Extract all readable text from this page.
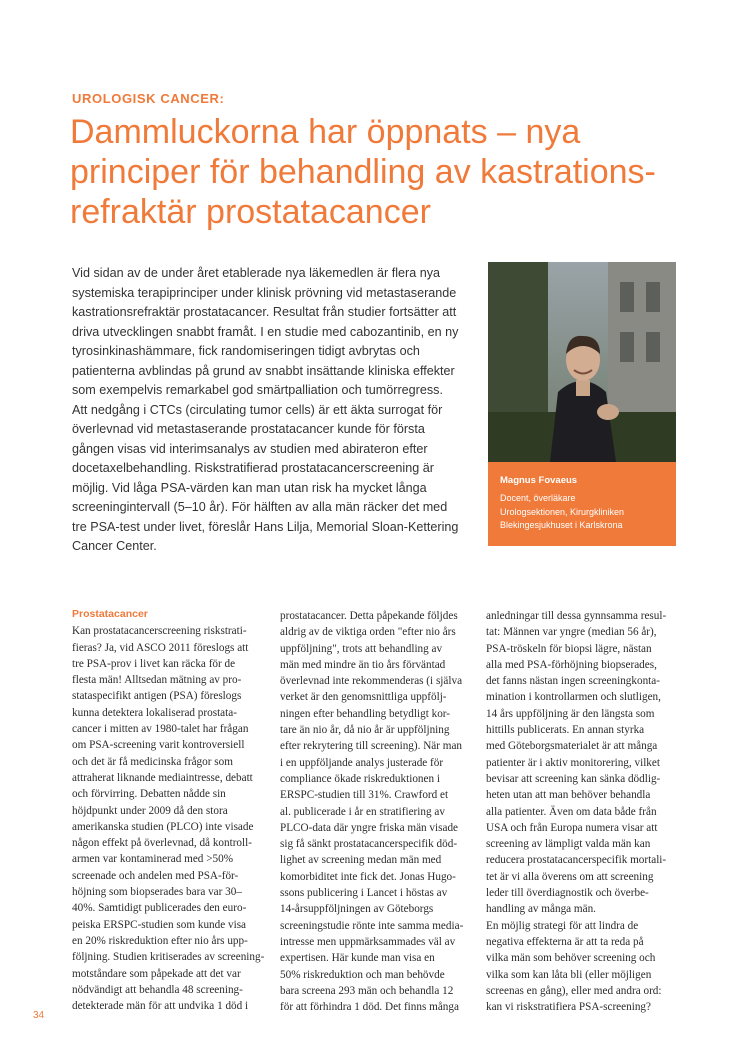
UROLOGISK CANCER:
Dammluckorna har öppnats – nya
principer för behandling av kastrations-
refraktär prostatacancer
Vid sidan av de under året etablerade nya läkemedlen är flera nya
systemiska terapiprinciper under klinisk prövning vid metastaserande
kastrationsrefraktär prostatacancer. Resultat från studier fortsätter att
driva utvecklingen snabbt framåt. I en studie med cabozantinib, en ny
tyrosinkinashämmare, fick randomiseringen tidigt avbrytas och
patienterna avblindas på grund av snabbt insättande kliniska effekter
som exempelvis remarkabel god smärtpalliation och tumörregress.
Att nedgång i CTCs (circulating tumor cells) är ett äkta surrogat för
överlevnad vid metastaserande prostatacancer kunde för första
gången visas vid interimsanalys av studien med abirateron efter
docetaxelbehandling. Riskstratifierad prostatacancerscreening är
möjlig. Vid låga PSA-värden kan man utan risk ha mycket långa
screeningintervall (5–10 år). För hälften av alla män räcker det med
tre PSA-test under livet, föreslår Hans Lilja, Memorial Sloan-Kettering
Cancer Center.
Magnus Fovaeus
Docent, överläkare
Urologsektionen, Kirurgkliniken
Blekingesjukhuset i Karlskrona
Prostatacancer
Kan prostatacancerscreening riskstrati-
fieras? Ja, vid ASCO 2011 föreslogs att
tre PSA-prov i livet kan räcka för de
flesta män! Alltsedan mätning av pro-
stataspecifikt antigen (PSA) föreslogs
kunna detektera lokaliserad prostata-
cancer i mitten av 1980-talet har frågan
om PSA-screening varit kontroversiell
och det är få medicinska frågor som
attraherat liknande mediaintresse, debatt
och förvirring. Debatten nådde sin
höjdpunkt under 2009 då den stora
amerikanska studien (PLCO) inte visade
någon effekt på överlevnad, då kontroll-
armen var kontaminerad med >50%
screenade och andelen med PSA-för-
höjning som biopserades bara var 30–
40%. Samtidigt publicerades den euro-
peiska ERSPC-studien som kunde visa
en 20% riskreduktion efter nio års upp-
följning. Studien kritiserades av screening-
motståndare som påpekade att det var
nödvändigt att behandla 48 screening-
detekterade män för att undvika 1 död i
prostatacancer. Detta påpekande följdes
aldrig av de viktiga orden "efter nio års
uppföljning", trots att behandling av
män med mindre än tio års förväntad
överlevnad inte rekommenderas (i själva
verket är den genomsnittliga uppfölj-
ningen efter behandling betydligt kor-
tare än nio år, då nio år är uppföljning
efter rekrytering till screening). När man
i en uppföljande analys justerade för
compliance ökade riskreduktionen i
ERSPC-studien till 31%. Crawford et
al. publicerade i år en stratifiering av
PLCO-data där yngre friska män visade
sig få sänkt prostatacancerspecifik död-
lighet av screening medan män med
komorbiditet inte fick det. Jonas Hugo-
ssons publicering i Lancet i höstas av
14-årsuppföljningen av Göteborgs
screeningstudie rönte inte samma media-
intresse men uppmärksammades väl av
expertisen. Här kunde man visa en
50% riskreduktion och man behövde
bara screena 293 män och behandla 12
för att förhindra 1 död. Det finns många
anledningar till dessa gynnsamma resul-
tat: Männen var yngre (median 56 år),
PSA-tröskeln för biopsi lägre, nästan
alla med PSA-förhöjning biopserades,
det fanns nästan ingen screeningkonta-
mination i kontrollarmen och slutligen,
14 års uppföljning är den längsta som
hittills publicerats. En annan styrka
med Göteborgsmaterialet är att många
patienter är i aktiv monitorering, vilket
bevisar att screening kan sänka dödlig-
heten utan att man behöver behandla
alla patienter. Även om data både från
USA och från Europa numera visar att
screening av lämpligt valda män kan
reducera prostatacancerspecifik mortali-
tet är vi alla överens om att screening
leder till överdiagnostik och överbe-
handling av många män.
En möjlig strategi för att lindra de
negativa effekterna är att ta reda på
vilka män som behöver screening och
vilka som kan låta bli (eller möjligen
screenas en gång), eller med andra ord:
kan vi riskstratifiera PSA-screening?
34
